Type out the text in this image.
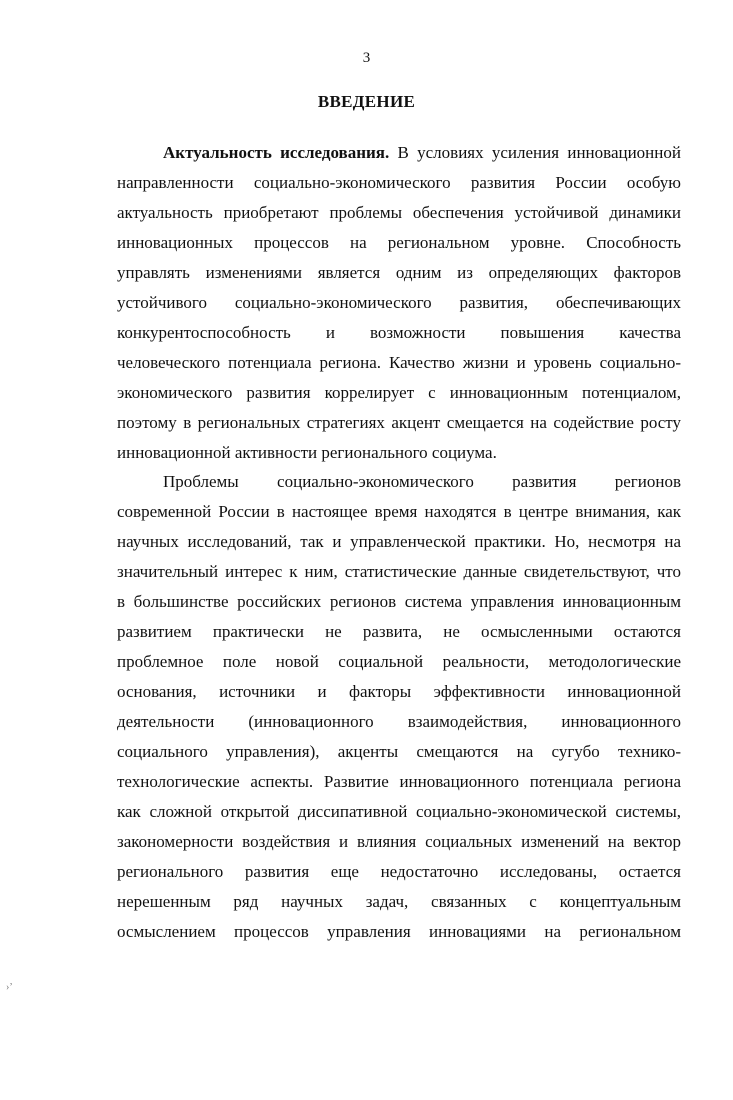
3
ВВЕДЕНИЕ
Актуальность исследования. В условиях усиления инновационной
направленности социально-экономического развития России особую
актуальность приобретают проблемы обеспечения устойчивой динамики
инновационных процессов на региональном уровне. Способность
управлять изменениями является одним из определяющих факторов
устойчивого социально-экономического развития, обеспечивающих
конкурентоспособность и возможности повышения качества
человеческого потенциала региона. Качество жизни и уровень социально-
экономического развития коррелирует с инновационным потенциалом,
поэтому в региональных стратегиях акцент смещается на содействие росту
инновационной активности регионального социума.
Проблемы социально-экономического развития регионов
современной России в настоящее время находятся в центре внимания, как
научных исследований, так и управленческой практики. Но, несмотря на
значительный интерес к ним, статистические данные свидетельствуют, что
в большинстве российских регионов система управления инновационным
развитием практически не развита, не осмысленными остаются
проблемное поле новой социальной реальности, методологические
основания, источники и факторы эффективности инновационной
деятельности (инновационного взаимодействия, инновационного
социального управления), акценты смещаются на сугубо технико-
технологические аспекты. Развитие инновационного потенциала региона
как сложной открытой диссипативной социально-экономической системы,
закономерности воздействия и влияния социальных изменений на вектор
регионального развития еще недостаточно исследованы, остается
нерешенным ряд научных задач, связанных с концептуальным
осмыслением процессов управления инновациями на региональном
›’
